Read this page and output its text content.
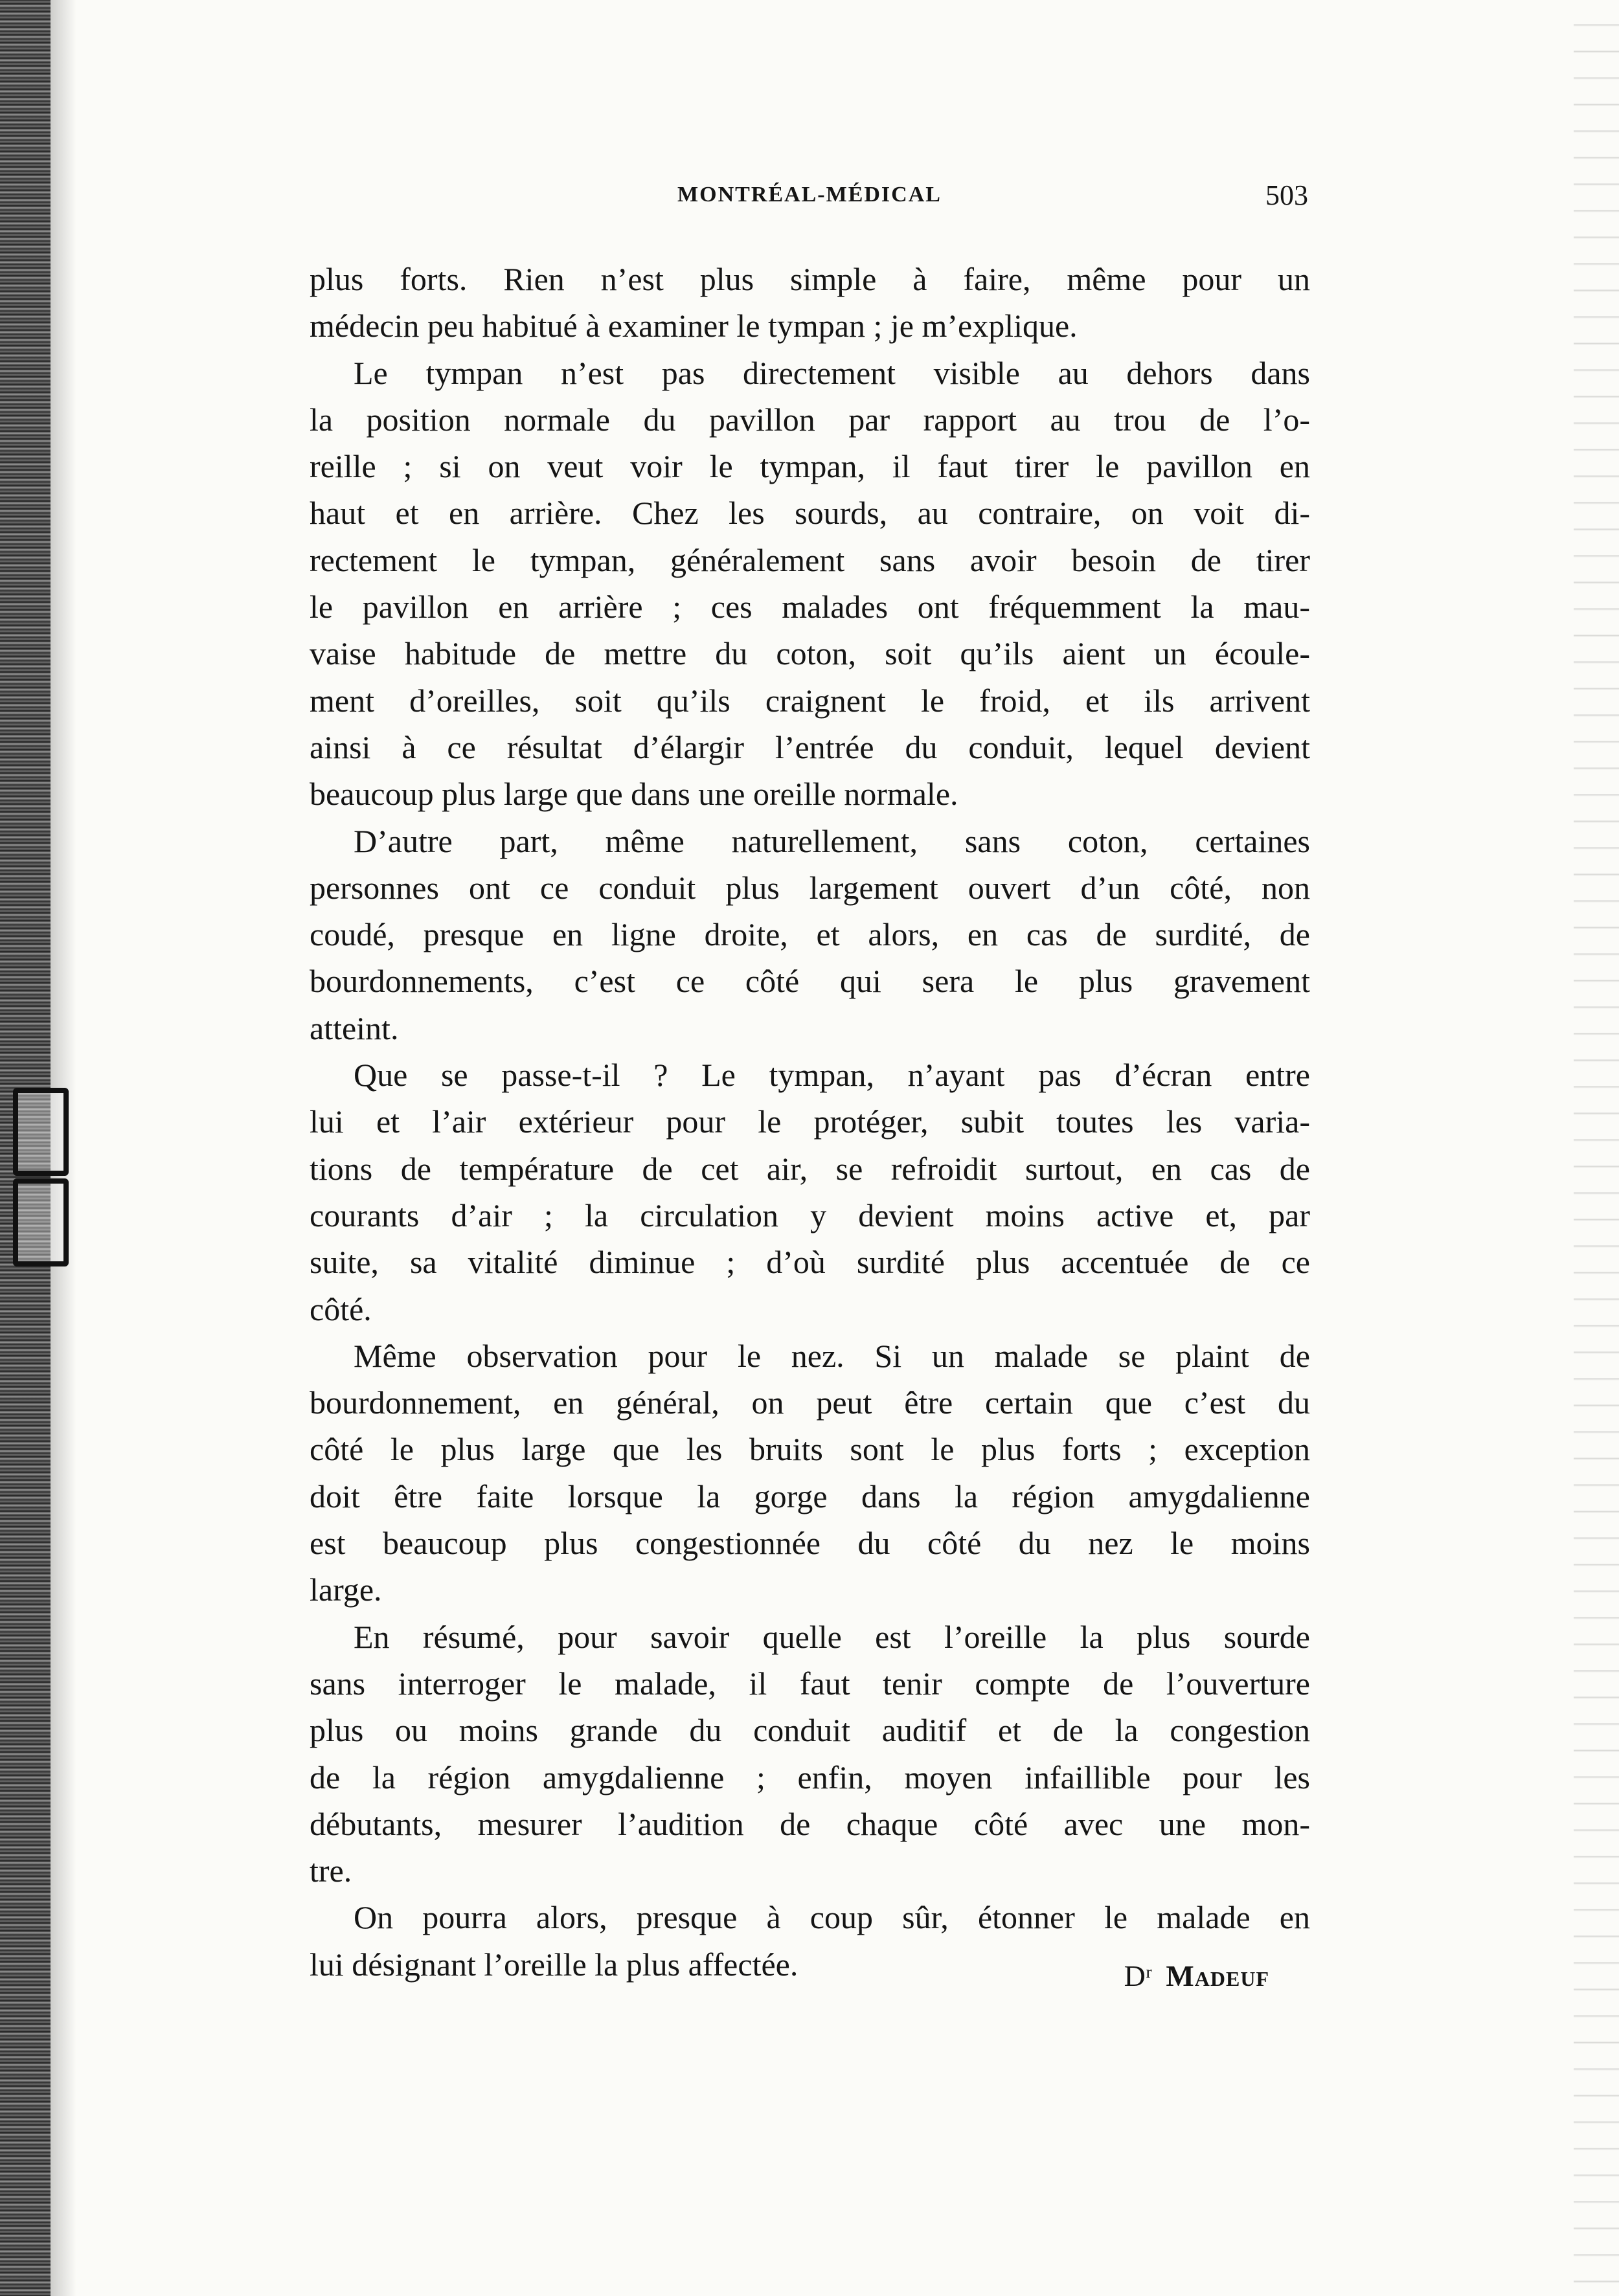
MONTRÉAL-MÉDICAL	503
plus forts. Rien n’est plus simple à faire, même pour un
médecin peu habitué à examiner le tympan ; je m’explique.
Le tympan n’est pas directement visible au dehors dans
la position normale du pavillon par rapport au trou de l’o-
reille ; si on veut voir le tympan, il faut tirer le pavillon en
haut et en arrière. Chez les sourds, au contraire, on voit di-
rectement le tympan, généralement sans avoir besoin de tirer
le pavillon en arrière ; ces malades ont fréquemment la mau-
vaise habitude de mettre du coton, soit qu’ils aient un écoule-
ment d’oreilles, soit qu’ils craignent le froid, et ils arrivent
ainsi à ce résultat d’élargir l’entrée du conduit, lequel devient
beaucoup plus large que dans une oreille normale.
D’autre part, même naturellement, sans coton, certaines
personnes ont ce conduit plus largement ouvert d’un côté, non
coudé, presque en ligne droite, et alors, en cas de surdité, de
bourdonnements, c’est ce côté qui sera le plus gravement
atteint.
Que se passe-t-il ? Le tympan, n’ayant pas d’écran entre
lui et l’air extérieur pour le protéger, subit toutes les varia-
tions de température de cet air, se refroidit surtout, en cas de
courants d’air ; la circulation y devient moins active et, par
suite, sa vitalité diminue ; d’où surdité plus accentuée de ce
côté.
Même observation pour le nez. Si un malade se plaint de
bourdonnement, en général, on peut être certain que c’est du
côté le plus large que les bruits sont le plus forts ; exception
doit être faite lorsque la gorge dans la région amygdalienne
est beaucoup plus congestionnée du côté du nez le moins
large.
En résumé, pour savoir quelle est l’oreille la plus sourde
sans interroger le malade, il faut tenir compte de l’ouverture
plus ou moins grande du conduit auditif et de la congestion
de la région amygdalienne ; enfin, moyen infaillible pour les
débutants, mesurer l’audition de chaque côté avec une mon-
tre.
On pourra alors, presque à coup sûr, étonner le malade en
lui désignant l’oreille la plus affectée.	Dʳ Madeuf
